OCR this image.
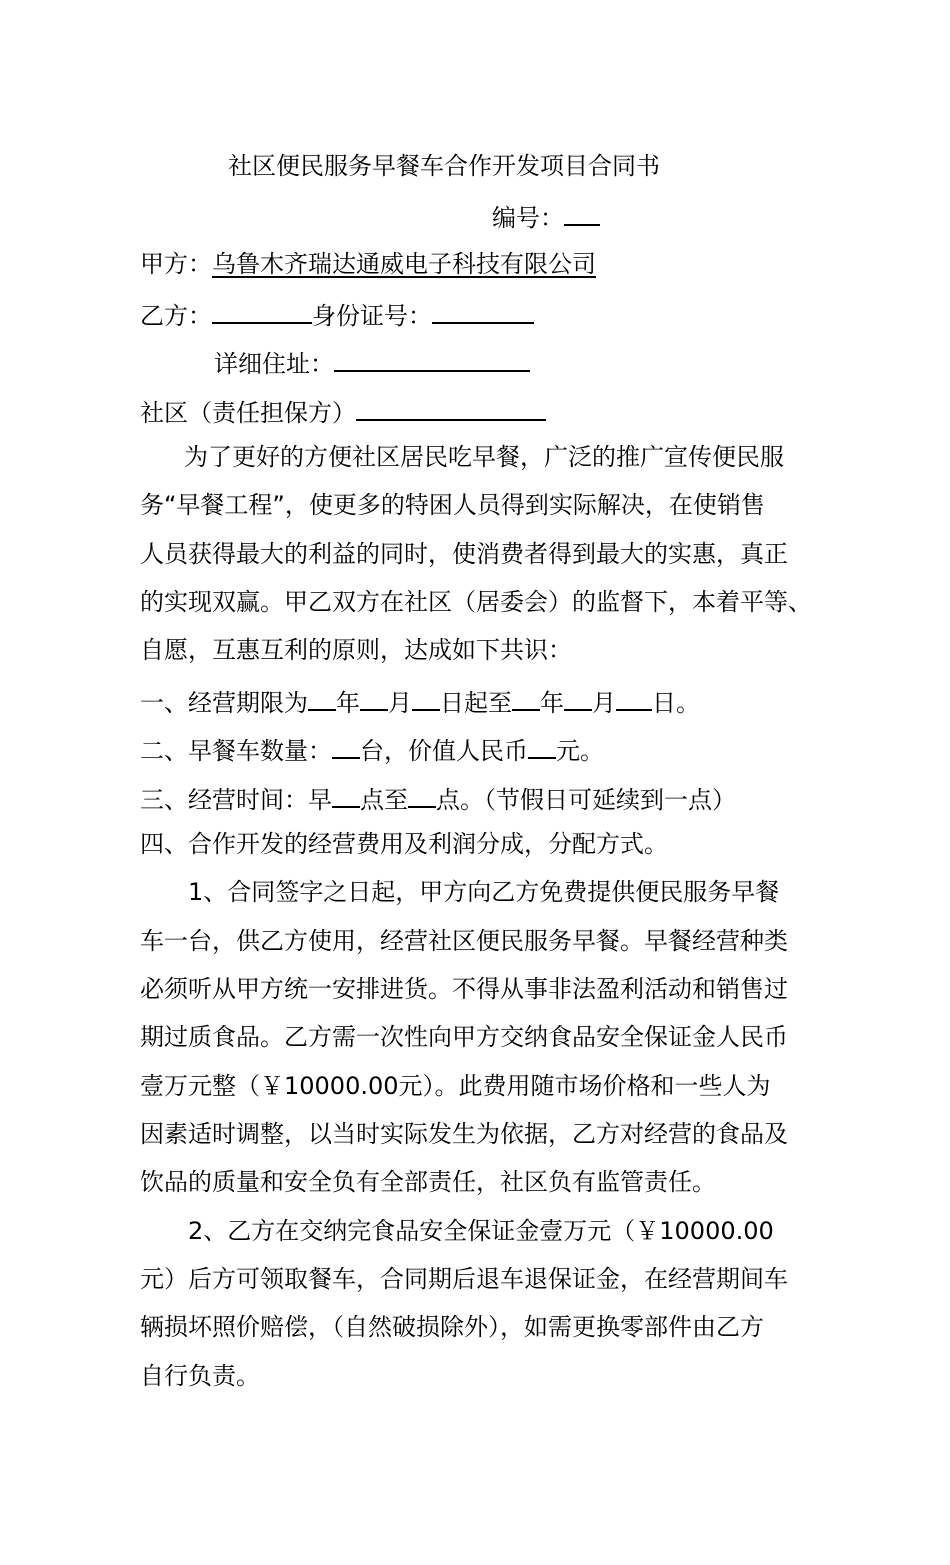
社区便民服务早餐车合作开发项目合同书
编号：
甲方：乌鲁木齐瑞达通威电子科技有限公司
乙方：	身份证号：
详细住址：
社区（责任担保方）
为了更好的方便社区居民吃早餐，广泛的推广宣传便民服
务“早餐工程”，使更多的特困人员得到实际解决，在使销售
人员获得最大的利益的同时，使消费者得到最大的实惠，真正
的实现双赢。甲乙双方在社区（居委会）的监督下，本着平等、
自愿，互惠互利的原则，达成如下共识：
一、经营期限为 年 月 日起至 年 月 日。
二、早餐车数量： 台，价值人民币 元。
三、经营时间：早 点至 点。（节假日可延续到一点）
四、合作开发的经营费用及利润分成，分配方式。
1、合同签字之日起，甲方向乙方免费提供便民服务早餐
车一台，供乙方使用，经营社区便民服务早餐。早餐经营种类
必须听从甲方统一安排进货。不得从事非法盈利活动和销售过
期过质食品。乙方需一次性向甲方交纳食品安全保证金人民币
壹万元整（￥10000.00元）。此费用随市场价格和一些人为
因素适时调整，以当时实际发生为依据，乙方对经营的食品及
饮品的质量和安全负有全部责任，社区负有监管责任。
2、乙方在交纳完食品安全保证金壹万元（￥10000.00
元）后方可领取餐车，合同期后退车退保证金，在经营期间车
辆损坏照价赔偿，（自然破损除外），如需更换零部件由乙方
自行负责。
